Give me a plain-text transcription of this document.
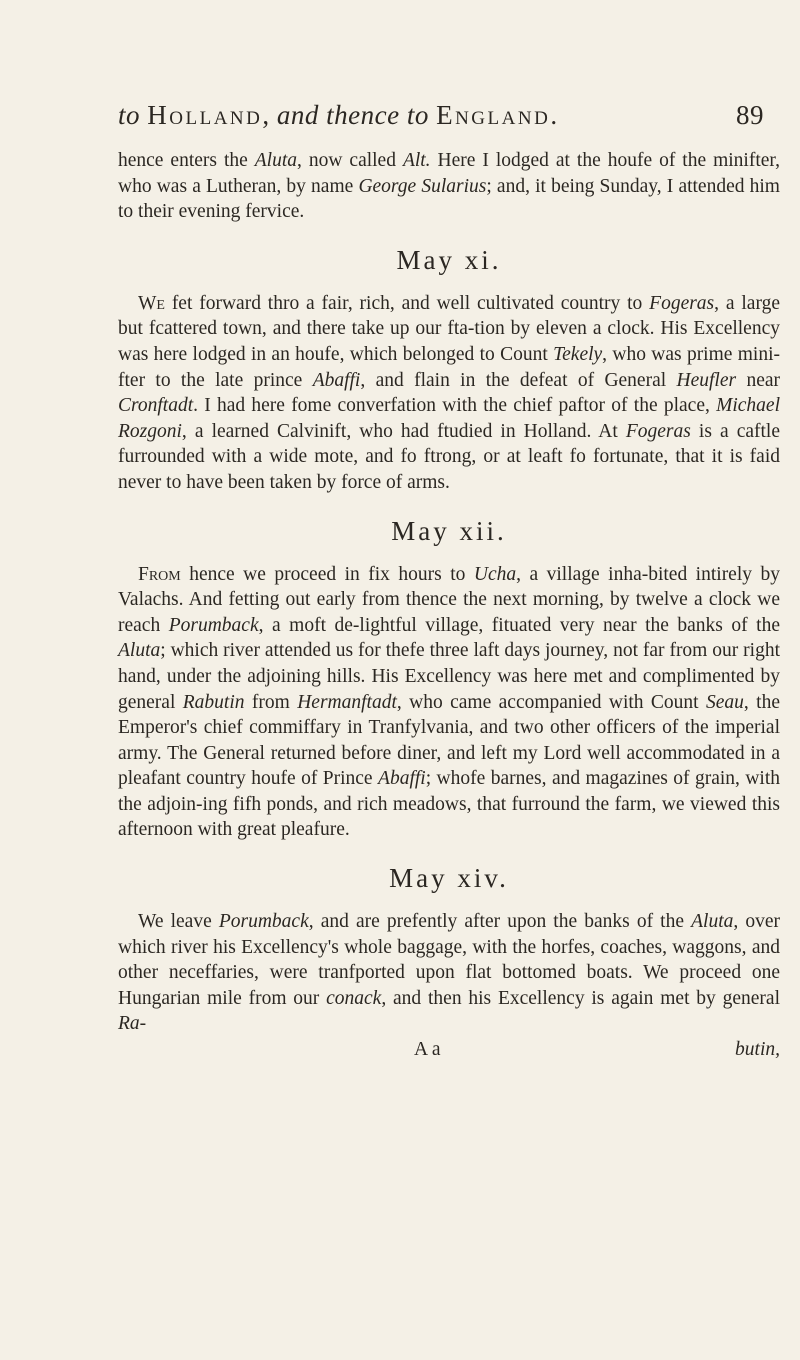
to Holland, and thence to England.	89

hence enters the Aluta, now called Alt. Here I lodged at the houfe of the minifter, who was a Lutheran, by name George Sularius; and, it being Sunday, I attended him to their evening fervice.

May xi.

We fet forward thro a fair, rich, and well cultivated country to Fogeras, a large but fcattered town, and there take up our fta-tion by eleven a clock. His Excellency was here lodged in an houfe, which belonged to Count Tekely, who was prime mini-fter to the late prince Abaffi, and flain in the defeat of General Heufler near Cronftadt. I had here fome converfation with the chief paftor of the place, Michael Rozgoni, a learned Calvinift, who had ftudied in Holland. At Fogeras is a caftle furrounded with a wide mote, and fo ftrong, or at leaft fo fortunate, that it is faid never to have been taken by force of arms.

May xii.

From hence we proceed in fix hours to Ucha, a village inha-bited intirely by Valachs. And fetting out early from thence the next morning, by twelve a clock we reach Porumback, a moft de-lightful village, fituated very near the banks of the Aluta; which river attended us for thefe three laft days journey, not far from our right hand, under the adjoining hills. His Excellency was here met and complimented by general Rabutin from Hermanftadt, who came accompanied with Count Seau, the Emperor's chief commiffary in Tranfylvania, and two other officers of the imperial army. The General returned before diner, and left my Lord well accommodated in a pleafant country houfe of Prince Abaffi; whofe barnes, and magazines of grain, with the adjoin-ing fifh ponds, and rich meadows, that furround the farm, we viewed this afternoon with great pleafure.

May xiv.

We leave Porumback, and are prefently after upon the banks of the Aluta, over which river his Excellency's whole baggage, with the horfes, coaches, waggons, and other neceffaries, were tranfported upon flat bottomed boats. We proceed one Hungarian mile from our conack, and then his Excellency is again met by general Ra-

A a	butin,
